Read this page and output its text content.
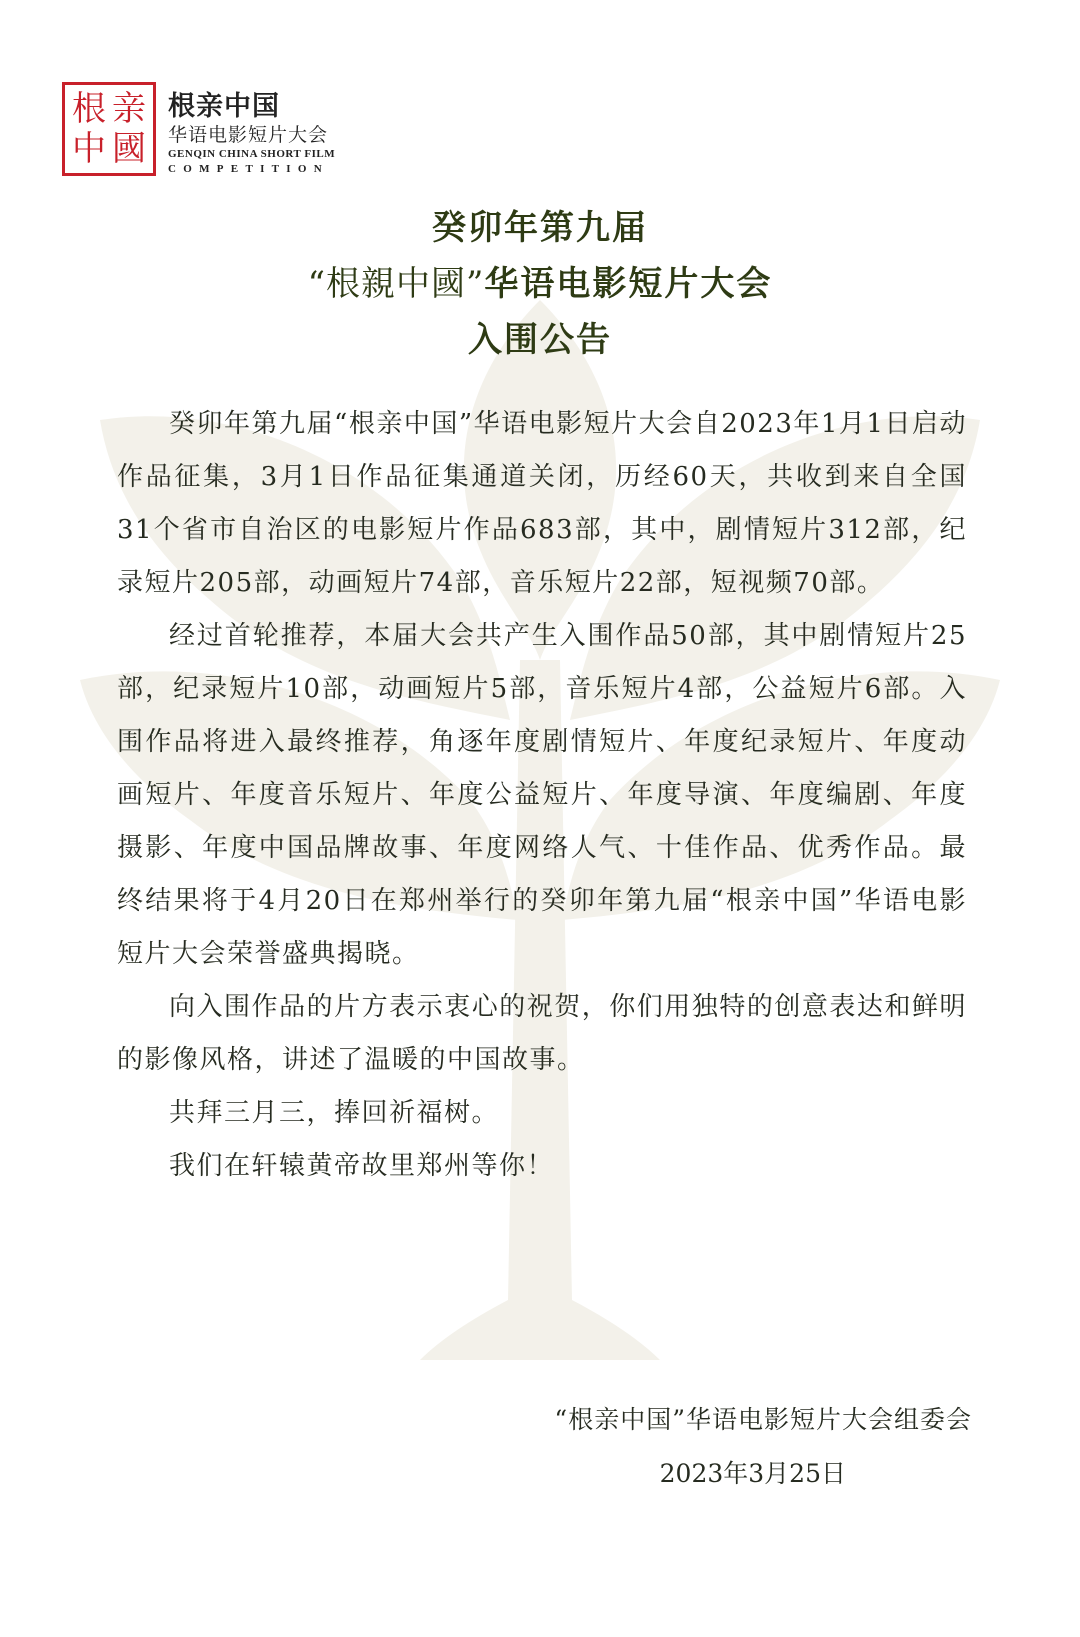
根 亲
中 國
根亲中国
华语电影短片大会
GENQIN CHINA SHORT FILM
COMPETITION
癸卯年第九届
“根親中國”华语电影短片大会
入围公告

癸卯年第九届“根亲中国”华语电影短片大会自2023年1月1日启动作品征集，3月1日作品征集通道关闭，历经60天，共收到来自全国31个省市自治区的电影短片作品683部，其中，剧情短片312部，纪录短片205部，动画短片74部，音乐短片22部，短视频70部。

经过首轮推荐，本届大会共产生入围作品50部，其中剧情短片25部，纪录短片10部，动画短片5部，音乐短片4部，公益短片6部。入围作品将进入最终推荐，角逐年度剧情短片、年度纪录短片、年度动画短片、年度音乐短片、年度公益短片、年度导演、年度编剧、年度摄影、年度中国品牌故事、年度网络人气、十佳作品、优秀作品。最终结果将于4月20日在郑州举行的癸卯年第九届“根亲中国”华语电影短片大会荣誉盛典揭晓。

向入围作品的片方表示衷心的祝贺，你们用独特的创意表达和鲜明的影像风格，讲述了温暖的中国故事。

共拜三月三，捧回祈福树。

我们在轩辕黄帝故里郑州等你！

“根亲中国”华语电影短片大会组委会
2023年3月25日
